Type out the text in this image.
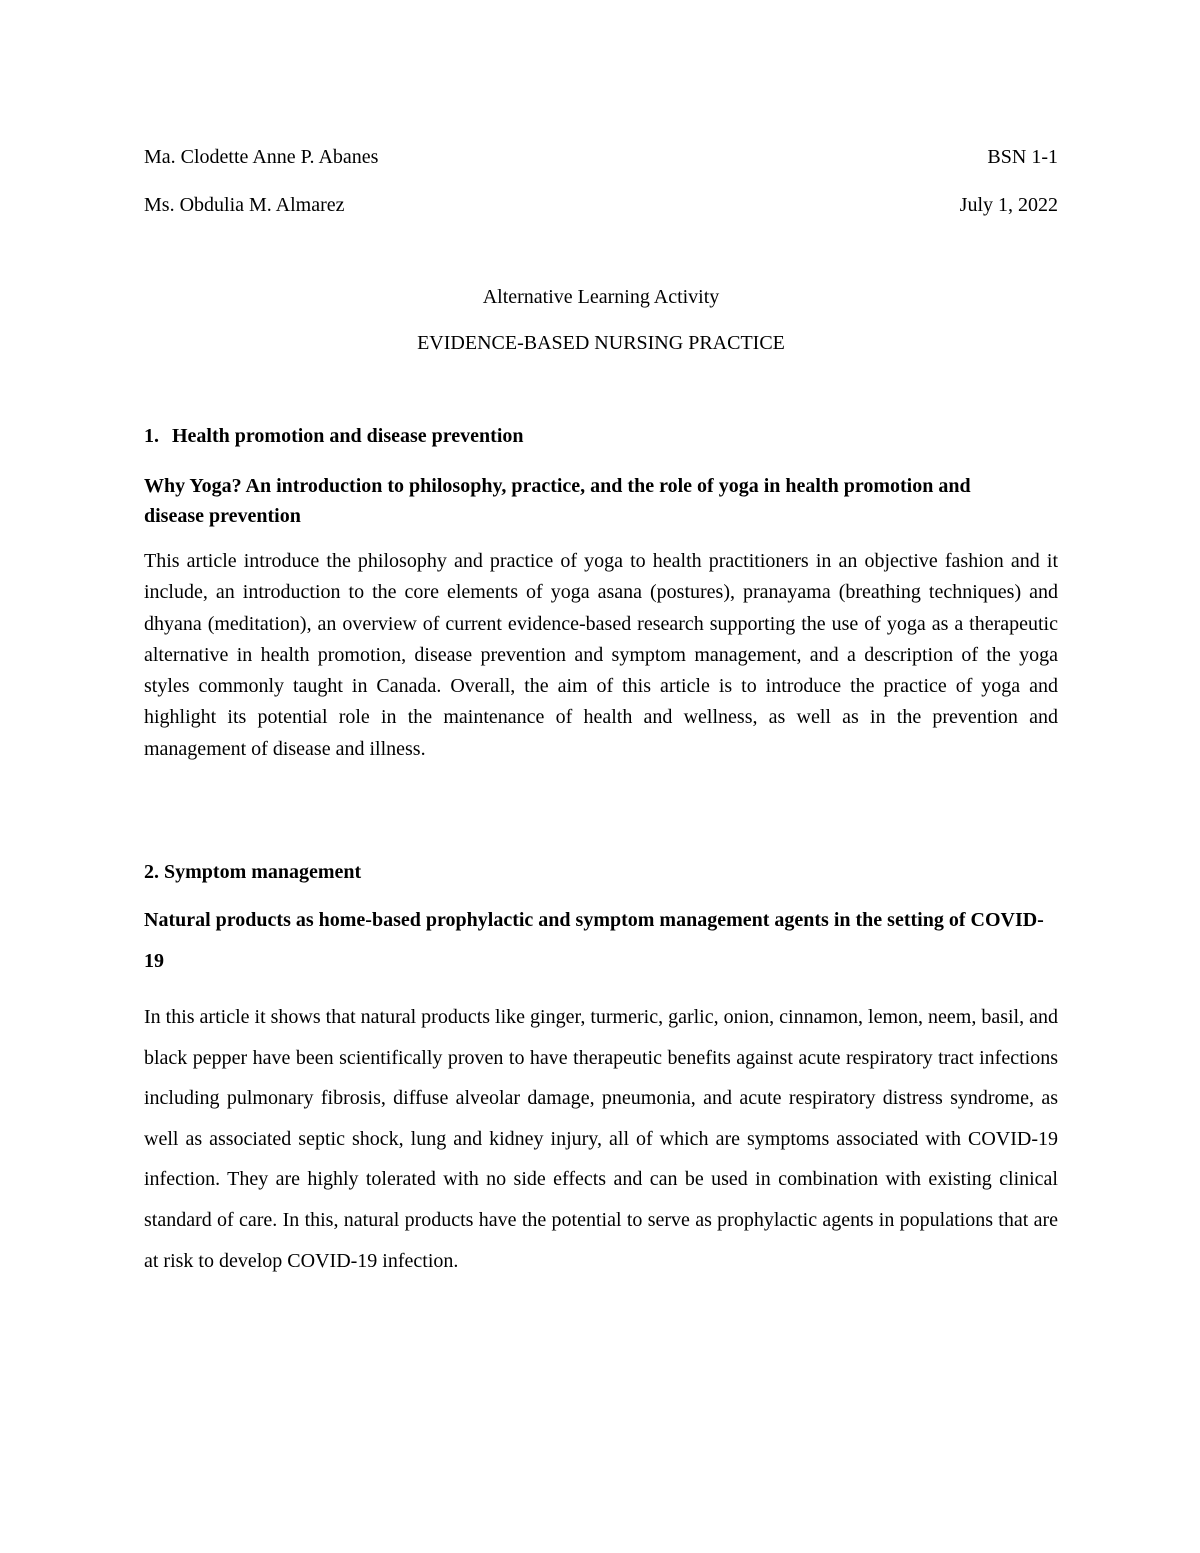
Ma. Clodette Anne P. Abanes	BSN 1-1
Ms. Obdulia M. Almarez	July 1, 2022
Alternative Learning Activity
EVIDENCE-BASED NURSING PRACTICE
1. Health promotion and disease prevention
Why Yoga? An introduction to philosophy, practice, and the role of yoga in health promotion and disease prevention
This article introduce the philosophy and practice of yoga to health practitioners in an objective fashion and it include, an introduction to the core elements of yoga asana (postures), pranayama (breathing techniques) and dhyana (meditation), an overview of current evidence-based research supporting the use of yoga as a therapeutic alternative in health promotion, disease prevention and symptom management, and a description of the yoga styles commonly taught in Canada. Overall, the aim of this article is to introduce the practice of yoga and highlight its potential role in the maintenance of health and wellness, as well as in the prevention and management of disease and illness.
2. Symptom management
Natural products as home-based prophylactic and symptom management agents in the setting of COVID-19
In this article it shows that natural products like ginger, turmeric, garlic, onion, cinnamon, lemon, neem, basil, and black pepper have been scientifically proven to have therapeutic benefits against acute respiratory tract infections including pulmonary fibrosis, diffuse alveolar damage, pneumonia, and acute respiratory distress syndrome, as well as associated septic shock, lung and kidney injury, all of which are symptoms associated with COVID-19 infection. They are highly tolerated with no side effects and can be used in combination with existing clinical standard of care. In this, natural products have the potential to serve as prophylactic agents in populations that are at risk to develop COVID-19 infection.
